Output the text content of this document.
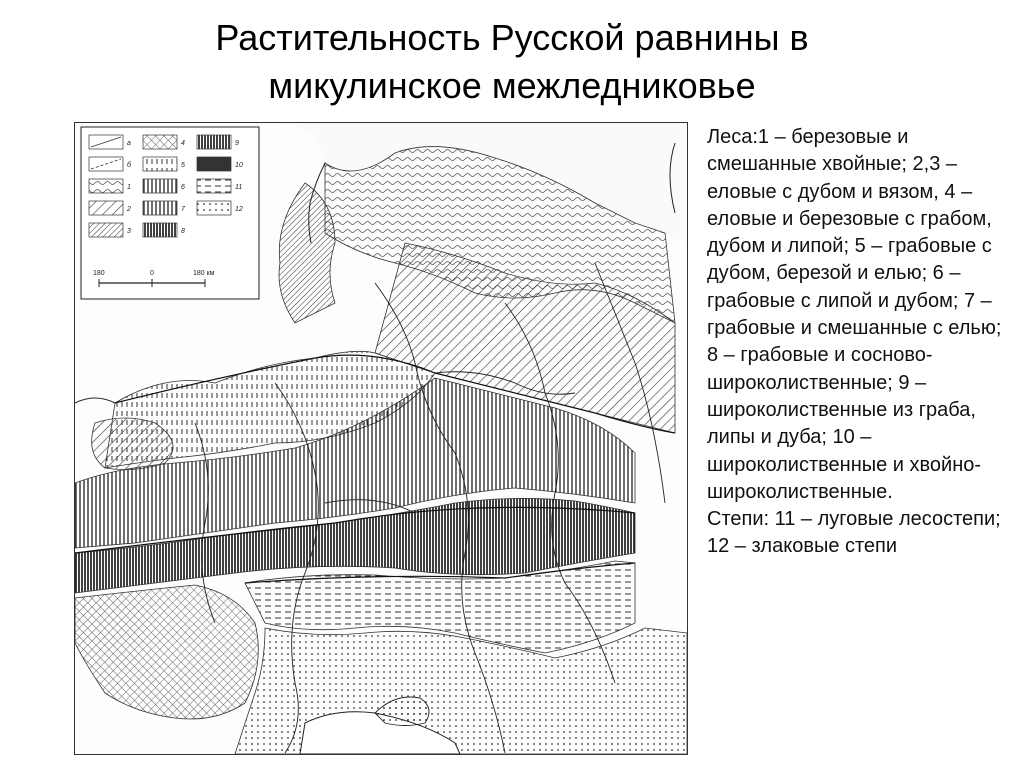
Растительность Русской равнины в
микулинское межледниковье
а
б
1
2
3
4
5
6
7
8
9
10
11
12
180	0	180 км

Леса:1 – березовые и смешанные хвойные; 2,3 – еловые с дубом и вязом, 4 – еловые и березовые с грабом, дубом и липой; 5 – грабовые с дубом, березой и елью; 6 – грабовые с липой и дубом; 7 – грабовые и смешанные с елью; 8 – грабовые и сосново-широколиственные; 9 – широколиственные из граба, липы и дуба; 10 – широколиственные и хвойно-широколиственные.

Степи: 11 – луговые лесостепи; 12 – злаковые степи
